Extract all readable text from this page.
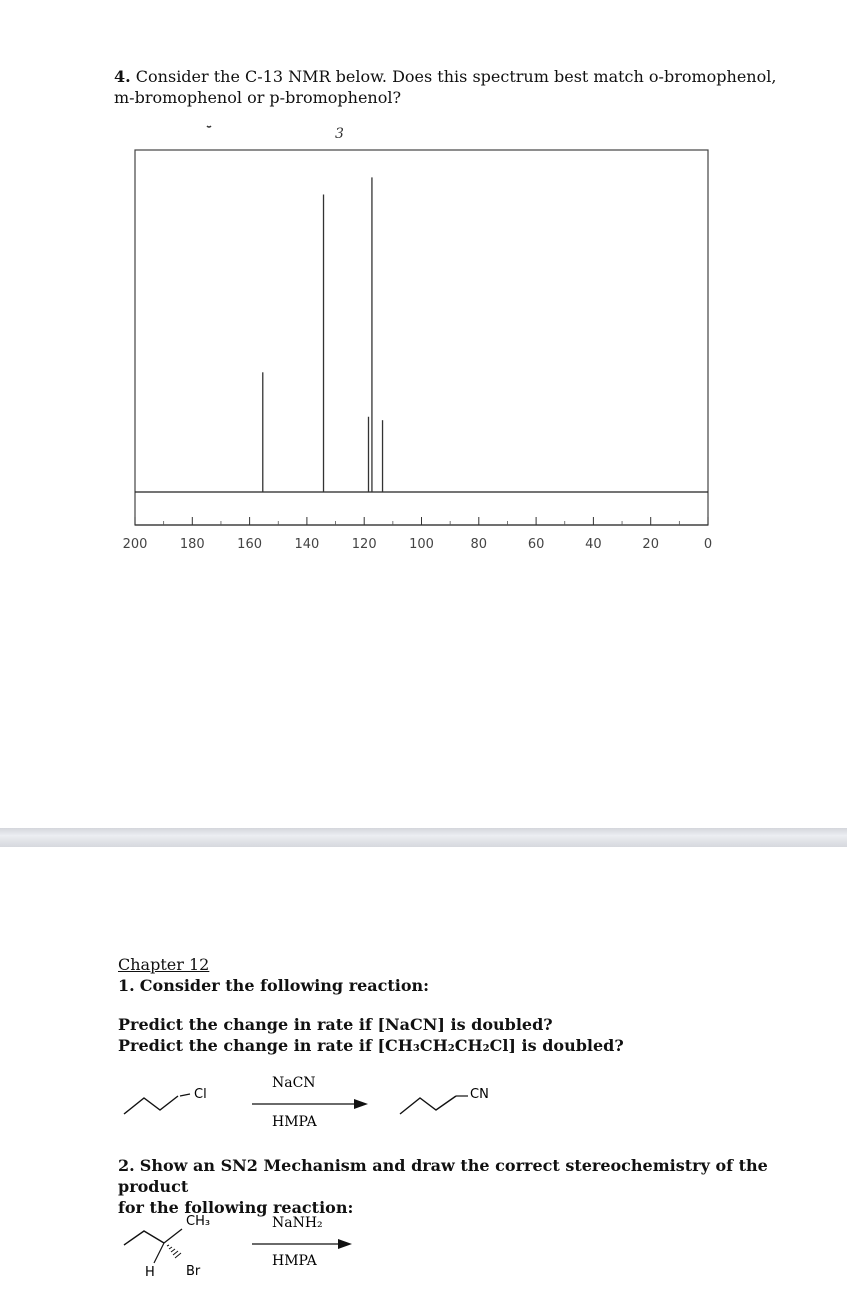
4. Consider the C-13 NMR below. Does this spectrum best match o-bromophenol,
m-bromophenol or p-bromophenol?
3
200 180 160 140 120 100	80	60	40	20	0
Chapter 12
1. Consider the following reaction:
Predict the change in rate if [NaCN] is doubled?
Predict the change in rate if [CH₃CH₂CH₂Cl] is doubled?
Cl
NaCN
HMPA
CN
2. Show an SN2 Mechanism and draw the correct stereochemistry of the product
for the following reaction:
CH₃
H Br
NaNH₂
HMPA
